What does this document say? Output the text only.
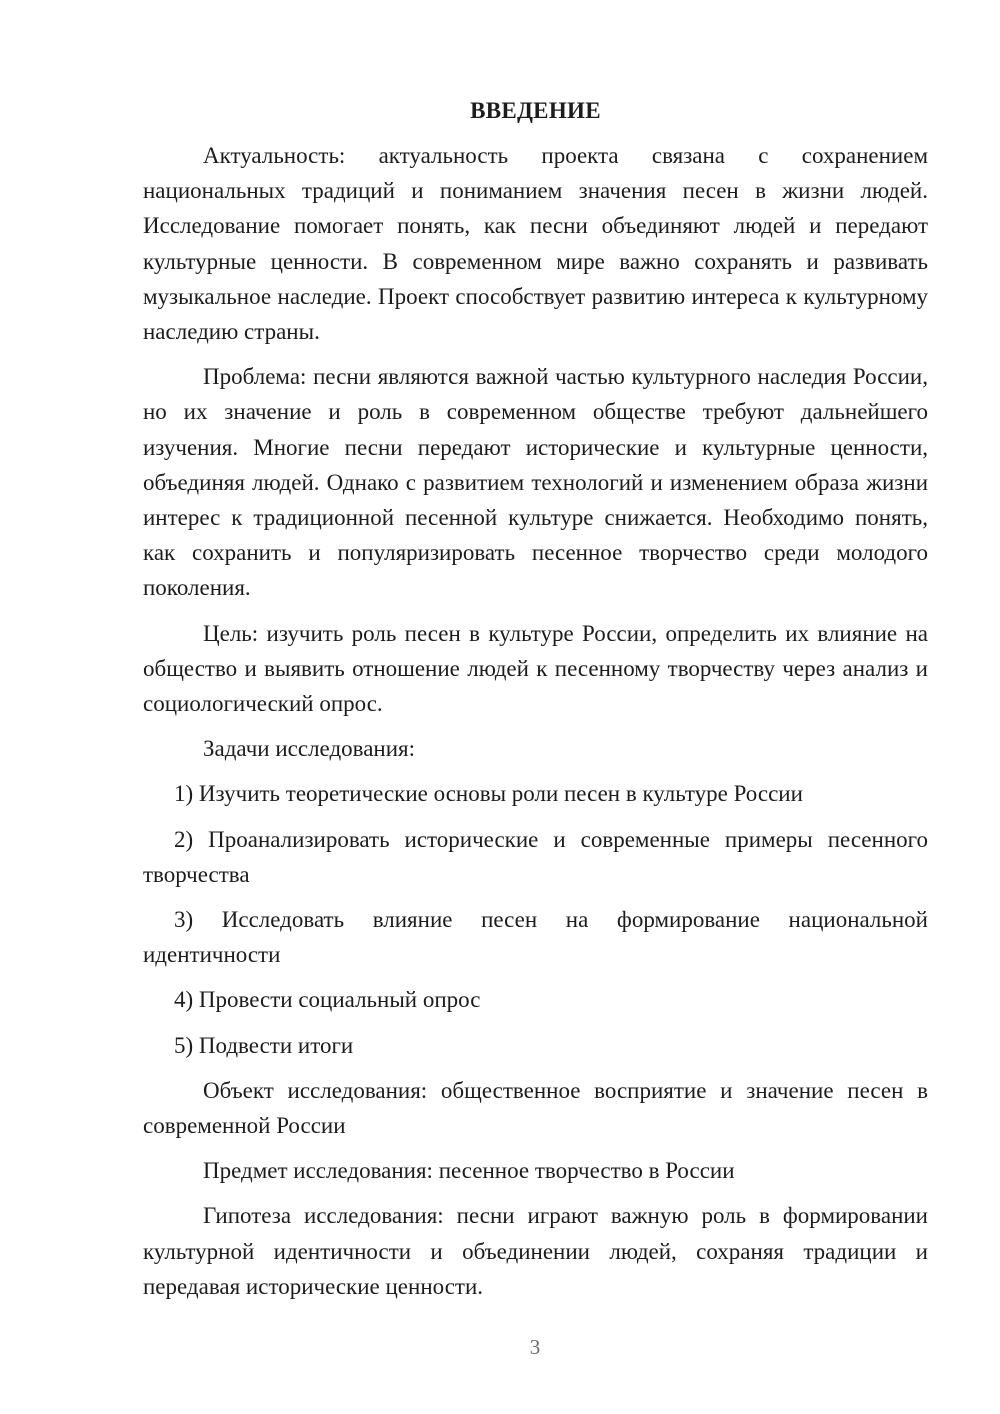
ВВЕДЕНИЕ

Актуальность: актуальность проекта связана с сохранением национальных традиций и пониманием значения песен в жизни людей. Исследование помогает понять, как песни объединяют людей и передают культурные ценности. В современном мире важно сохранять и развивать музыкальное наследие. Проект способствует развитию интереса к культурному наследию страны.

Проблема: песни являются важной частью культурного наследия России, но их значение и роль в современном обществе требуют дальнейшего изучения. Многие песни передают исторические и культурные ценности, объединяя людей. Однако с развитием технологий и изменением образа жизни интерес к традиционной песенной культуре снижается. Необходимо понять, как сохранить и популяризировать песенное творчество среди молодого поколения.

Цель: изучить роль песен в культуре России, определить их влияние на общество и выявить отношение людей к песенному творчеству через анализ и социологический опрос.

Задачи исследования:

1) Изучить теоретические основы роли песен в культуре России

2) Проанализировать исторические и современные примеры песенного творчества

3) Исследовать влияние песен на формирование национальной идентичности

4) Провести социальный опрос

5) Подвести итоги

Объект исследования: общественное восприятие и значение песен в современной России

Предмет исследования: песенное творчество в России

Гипотеза исследования: песни играют важную роль в формировании культурной идентичности и объединении людей, сохраняя традиции и передавая исторические ценности.

3
